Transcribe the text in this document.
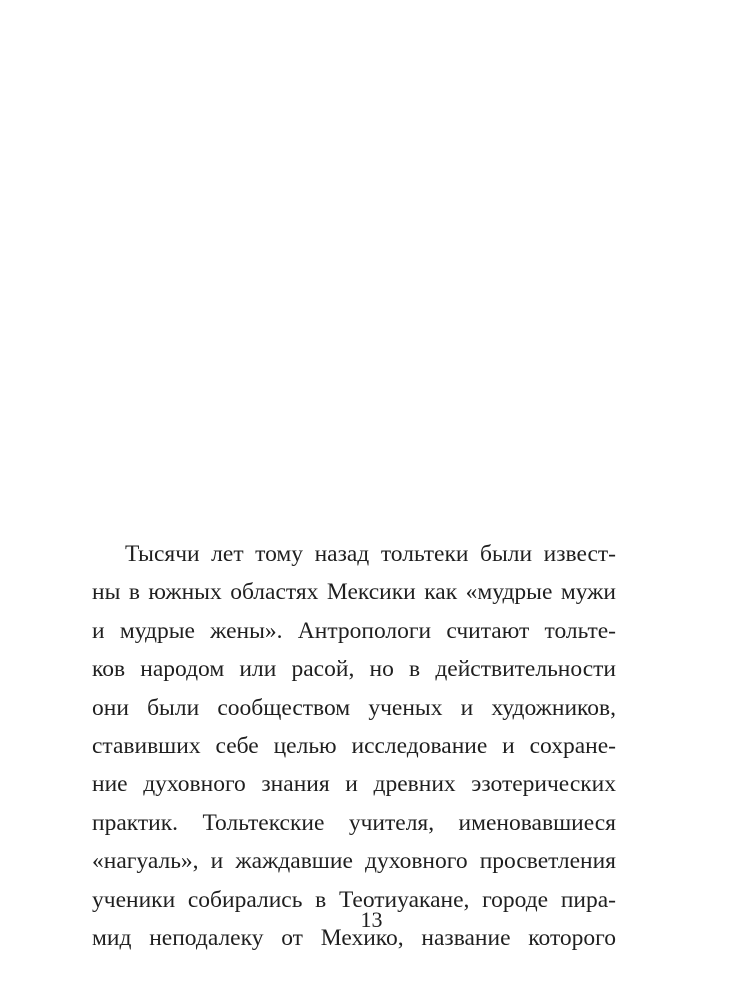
Тысячи лет тому назад тольтеки были извест-
ны в южных областях Мексики как «мудрые мужи
и мудрые жены». Антропологи считают тольте-
ков народом или расой, но в действительности
они были сообществом ученых и художников,
ставивших себе целью исследование и сохране-
ние духовного знания и древних эзотерических
практик. Тольтекские учителя, именовавшиеся
«нагуаль», и жаждавшие духовного просветления
ученики собирались в Теотиуакане, городе пира-
мид неподалеку от Мехико, название которого
13
